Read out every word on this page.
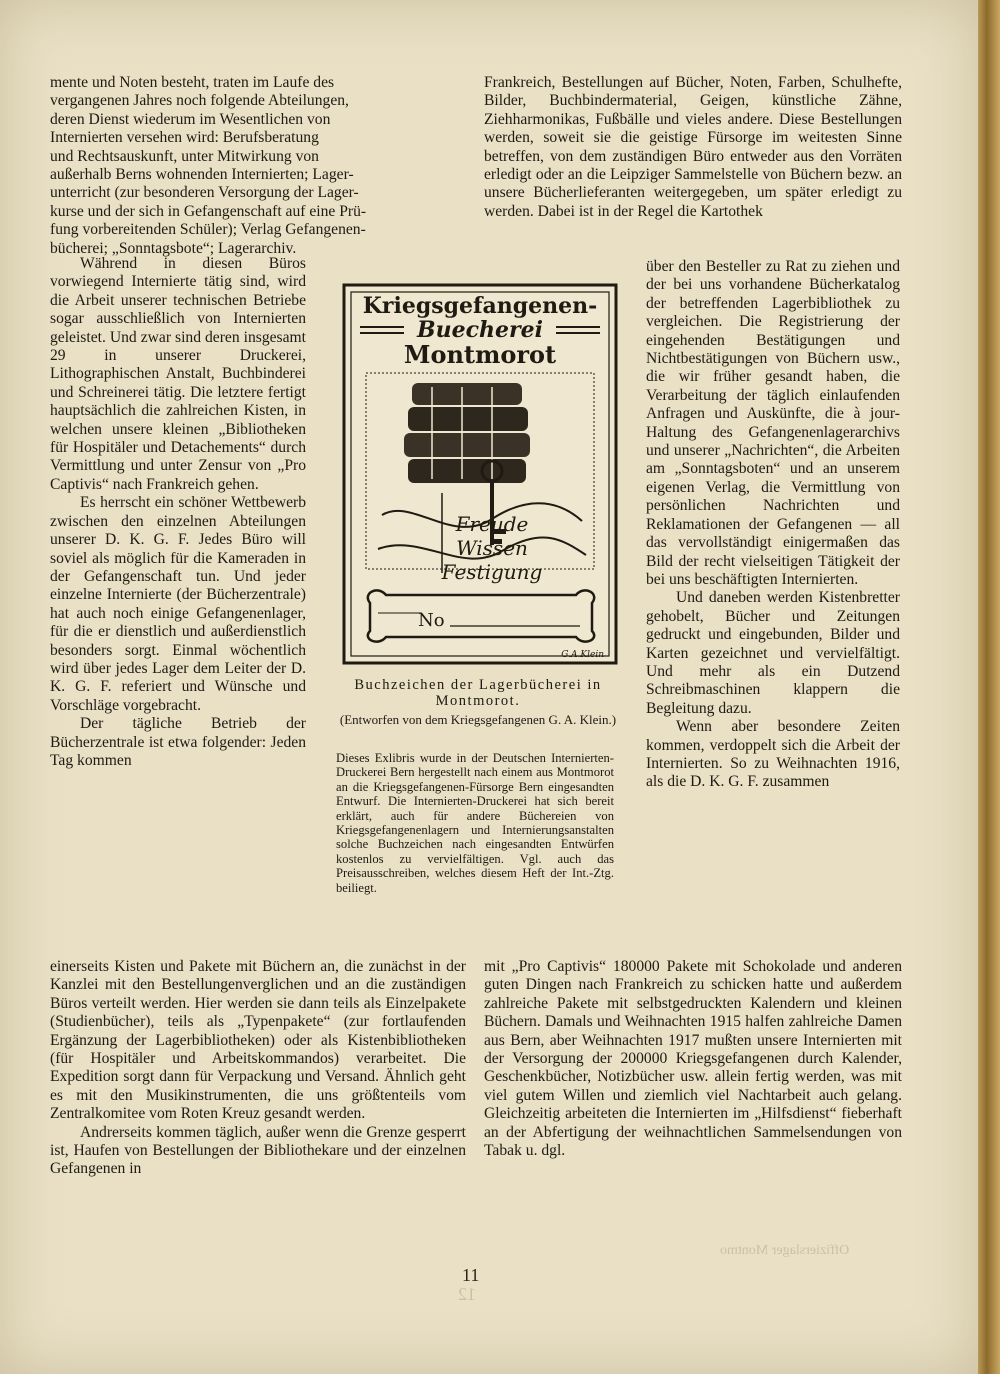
mente und Noten besteht, traten im Laufe des
vergangenen Jahres noch folgende Abteilungen,
deren Dienst wiederum im Wesentlichen von
Internierten versehen wird: Berufsberatung
und Rechtsauskunft, unter Mitwirkung von
außerhalb Berns wohnenden Internierten; Lager-
unterricht (zur besonderen Versorgung der Lager-
kurse und der sich in Gefangenschaft auf eine Prü-
fung vorbereitenden Schüler); Verlag Gefangenen-
bücherei; „Sonntagsbote“; Lagerarchiv.

Während in diesen Büros vorwiegend Internierte tätig sind, wird die Arbeit unserer technischen Betriebe sogar ausschließlich von Internierten geleistet. Und zwar sind deren insgesamt 29 in unserer Druckerei, Lithographischen Anstalt, Buchbinderei und Schreinerei tätig. Die letztere fertigt hauptsächlich die zahlreichen Kisten, in welchen unsere kleinen „Bibliotheken für Hospitäler und Detachements“ durch Vermittlung und unter Zensur von „Pro Captivis“ nach Frankreich gehen.

Es herrscht ein schöner Wettbewerb zwischen den einzelnen Abteilungen unserer D. K. G. F. Jedes Büro will soviel als möglich für die Kameraden in der Gefangenschaft tun. Und jeder einzelne Internierte (der Bücherzentrale) hat auch noch einige Gefangenenlager, für die er dienstlich und außerdienstlich besonders sorgt. Einmal wöchentlich wird über jedes Lager dem Leiter der D. K. G. F. referiert und Wünsche und Vorschläge vorgebracht.

Der tägliche Betrieb der Bücherzentrale ist etwa folgender: Jeden Tag kommen

einerseits Kisten und Pakete mit Büchern an, die zunächst in der Kanzlei mit den Bestellungenverglichen und an die zuständigen Büros verteilt werden. Hier werden sie dann teils als Einzelpakete (Studienbücher), teils als „Typenpakete“ (zur fortlaufenden Ergänzung der Lagerbibliotheken) oder als Kistenbibliotheken (für Hospitäler und Arbeitskommandos) verarbeitet. Die Expedition sorgt dann für Verpackung und Versand. Ähnlich geht es mit den Musikinstrumenten, die uns größtenteils vom Zentralkomitee vom Roten Kreuz gesandt werden.

Andrerseits kommen täglich, außer wenn die Grenze gesperrt ist, Haufen von Bestellungen der Bibliothekare und der einzelnen Gefangenen in

Frankreich, Bestellungen auf Bücher, Noten, Farben, Schulhefte, Bilder, Buchbindermaterial, Geigen, künstliche Zähne, Ziehharmonikas, Fußbälle und vieles andere. Diese Bestellungen werden, soweit sie die geistige Fürsorge im weitesten Sinne betreffen, von dem zuständigen Büro entweder aus den Vorräten erledigt oder an die Leipziger Sammelstelle von Büchern bezw. an unsere Bücherlieferanten weitergegeben, um später erledigt zu werden. Dabei ist in der Regel die Kartothek

über den Besteller zu Rat zu ziehen und der bei uns vorhandene Bücherkatalog der betreffenden Lagerbibliothek zu vergleichen. Die Registrierung der eingehenden Bestätigungen und Nichtbestätigungen von Büchern usw., die wir früher gesandt haben, die Verarbeitung der täglich einlaufenden Anfragen und Auskünfte, die à jour-Haltung des Gefangenenlagerarchivs und unserer „Nachrichten“, die Arbeiten am „Sonntagsboten“ und an unserem eigenen Verlag, die Vermittlung von persönlichen Nachrichten und Reklamationen der Gefangenen — all das vervollständigt einigermaßen das Bild der recht vielseitigen Tätigkeit der bei uns beschäftigten Internierten.

Und daneben werden Kistenbretter gehobelt, Bücher und Zeitungen gedruckt und eingebunden, Bilder und Karten gezeichnet und vervielfältigt. Und mehr als ein Dutzend Schreibmaschinen klappern die Begleitung dazu.

Wenn aber besondere Zeiten kommen, verdoppelt sich die Arbeit der Internierten. So zu Weihnachten 1916, als die D. K. G. F. zusammen

mit „Pro Captivis“ 180000 Pakete mit Schokolade und anderen guten Dingen nach Frankreich zu schicken hatte und außerdem zahlreiche Pakete mit selbstgedruckten Kalendern und kleinen Büchern. Damals und Weihnachten 1915 halfen zahlreiche Damen aus Bern, aber Weihnachten 1917 mußten unsere Internierten mit der Versorgung der 200000 Kriegsgefangenen durch Kalender, Geschenkbücher, Notizbücher usw. allein fertig werden, was mit viel gutem Willen und ziemlich viel Nachtarbeit auch gelang. Gleichzeitig arbeiteten die Internierten im „Hilfsdienst“ fieberhaft an der Abfertigung der weihnachtlichen Sammelsendungen von Tabak u. dgl.

Kriegsgefangenen-
Buecherei
Montmorot
Freude
Wissen
Festigung
No
G.A.Klein
Buchzeichen der Lagerbücherei in Montmorot.
(Entworfen von dem Kriegsgefangenen G. A. Klein.)
Dieses Exlibris wurde in der Deutschen Internierten-Druckerei Bern hergestellt nach einem aus Montmorot an die Kriegsgefangenen-Fürsorge Bern eingesandten Entwurf. Die Internierten-Druckerei hat sich bereit erklärt, auch für andere Büchereien von Kriegsgefangenenlagern und Internierungsanstalten solche Buchzeichen nach eingesandten Entwürfen kostenlos zu vervielfältigen. Vgl. auch das Preisausschreiben, welches diesem Heft der Int.-Ztg. beiliegt.
11
Offizierslager Montmo
12
